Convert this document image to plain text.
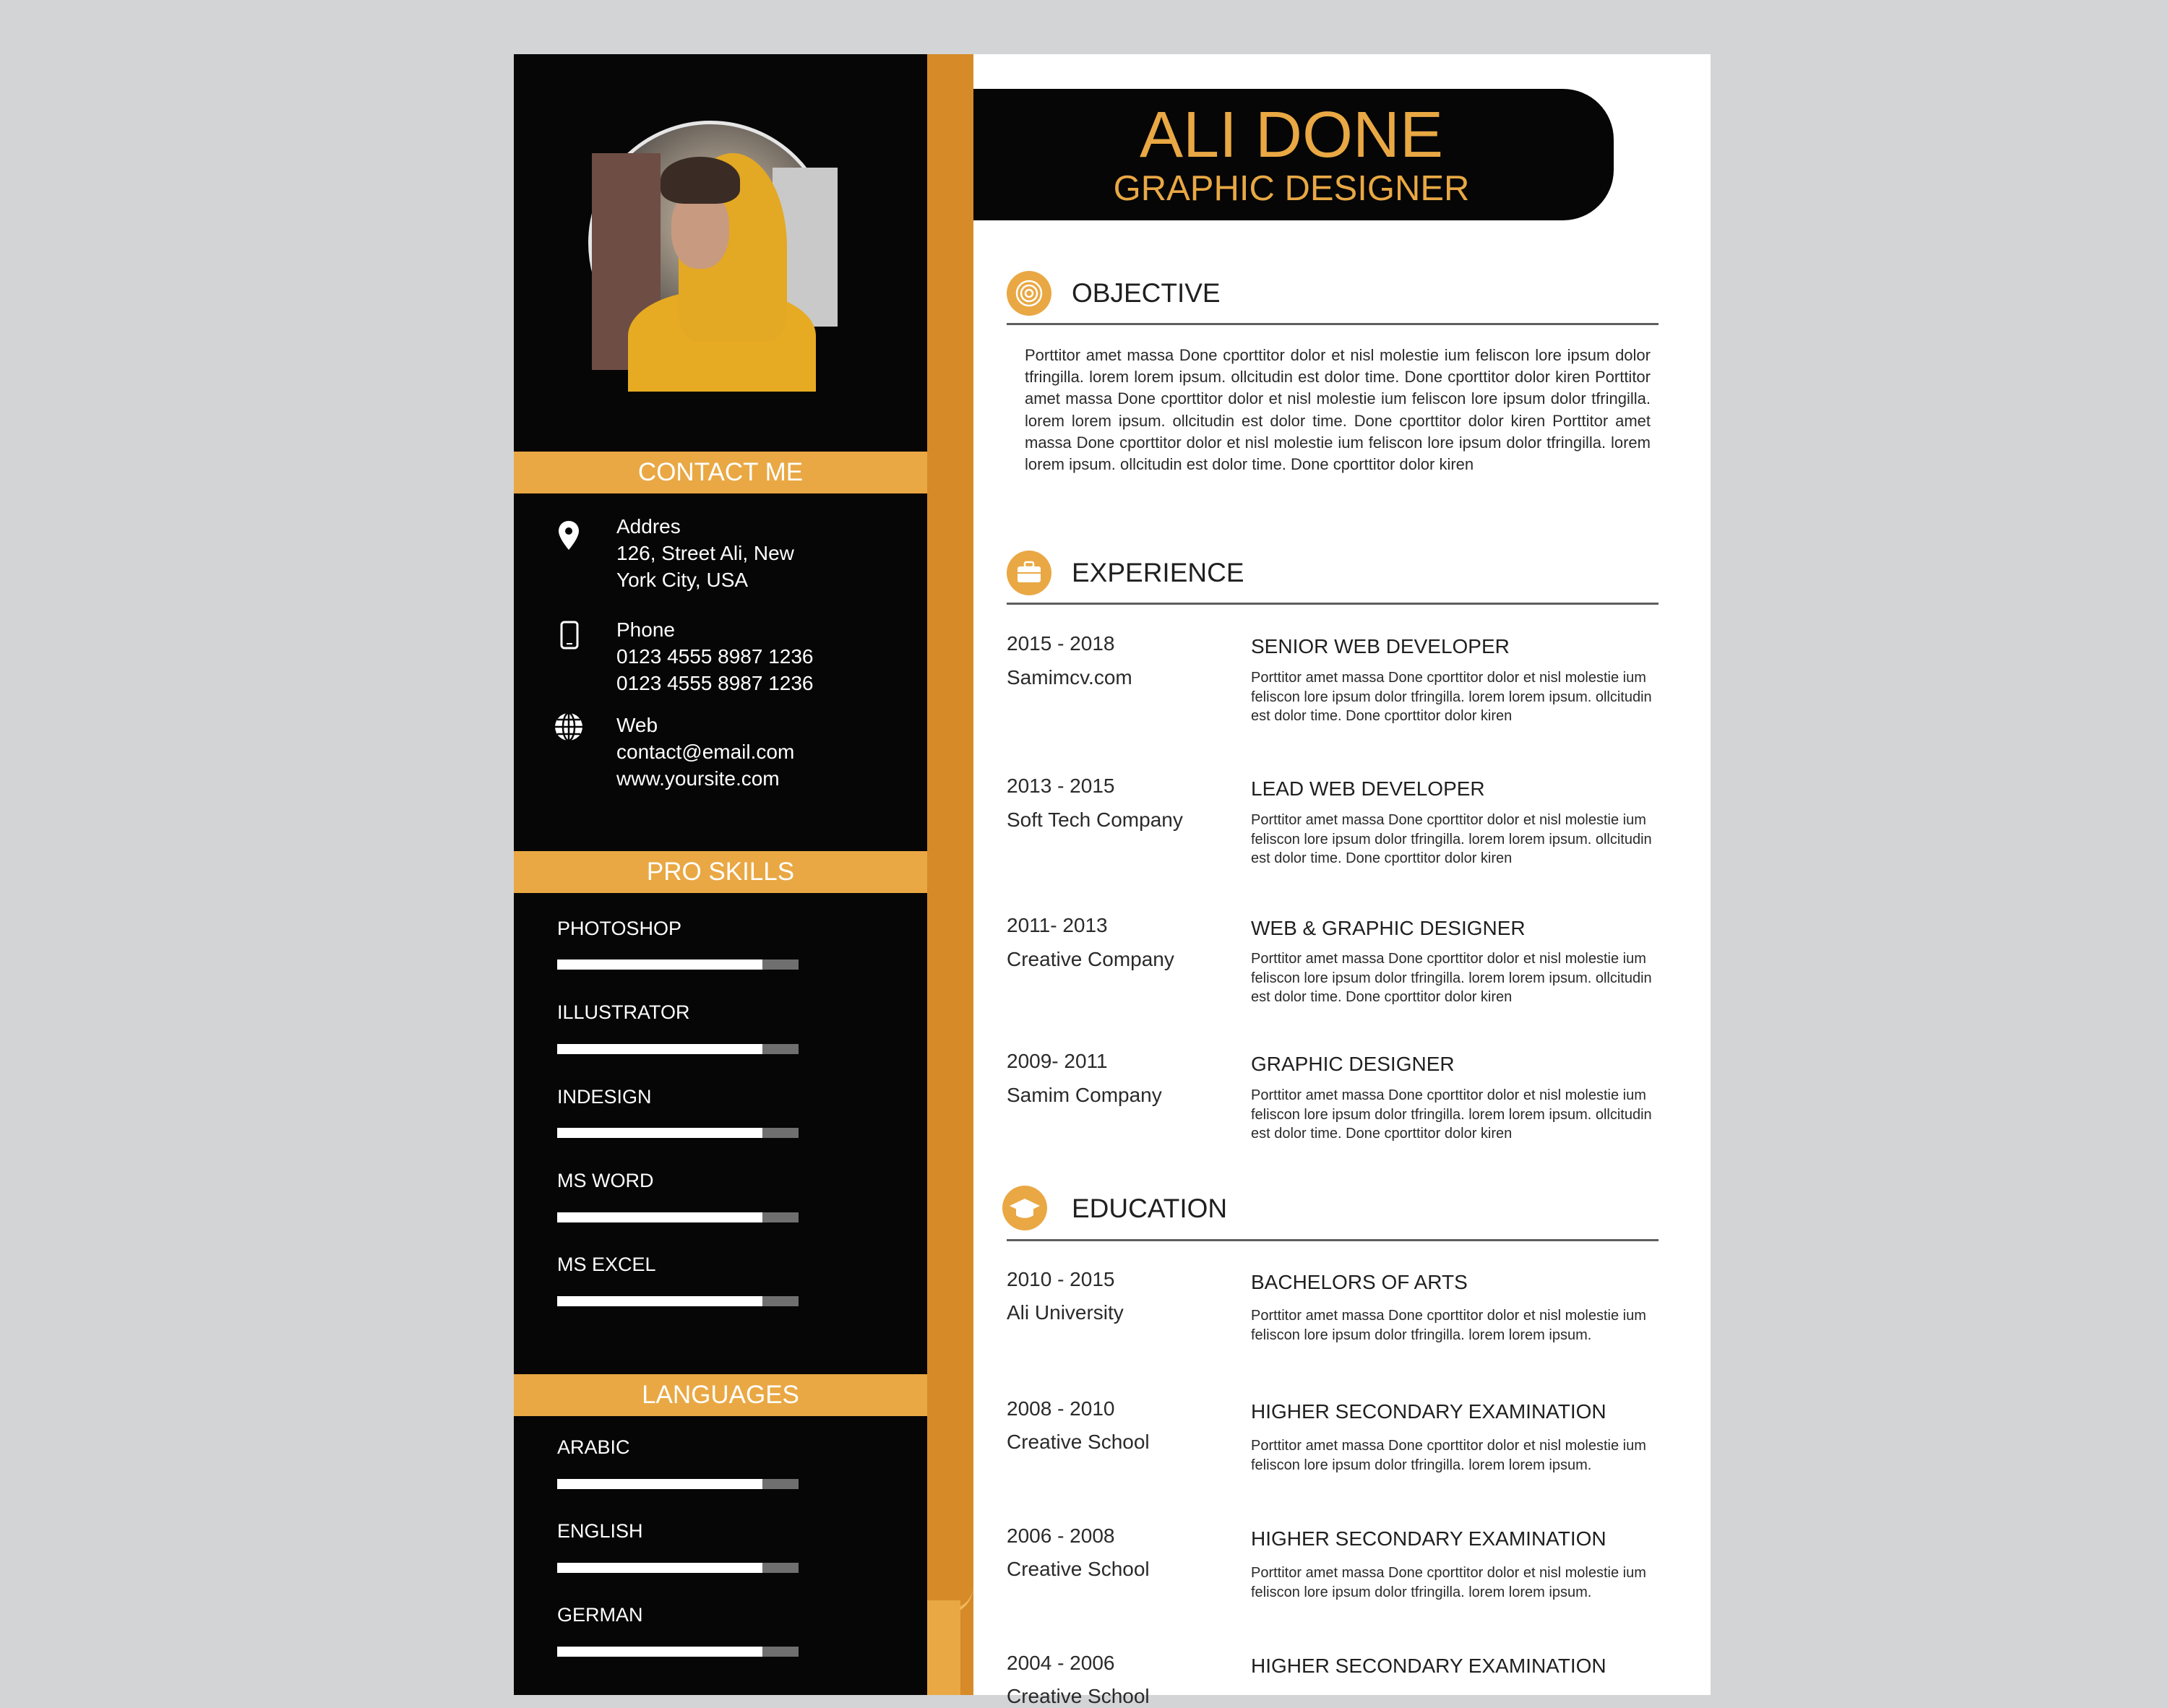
CONTACT ME
Addres
126, Street Ali, New
York City, USA
Phone
0123 4555 8987 1236
0123 4555 8987 1236
Web
contact@email.com
www.yoursite.com
PRO SKILLS
PHOTOSHOP
ILLUSTRATOR
INDESIGN
MS WORD
MS EXCEL
LANGUAGES
ARABIC
ENGLISH
GERMAN
ALI DONE
GRAPHIC DESIGNER
OBJECTIVE
Porttitor amet massa Done cporttitor dolor et nisl molestie ium feliscon lore ipsum dolor tfringilla. lorem lorem ipsum. ollcitudin est dolor time. Done cporttitor dolor kiren Porttitor amet massa Done cporttitor dolor et nisl molestie ium feliscon lore ipsum dolor tfringilla. lorem lorem ipsum. ollcitudin est dolor time. Done cporttitor dolor kiren Porttitor amet massa Done cporttitor dolor et nisl molestie ium feliscon lore ipsum dolor tfringilla. lorem lorem ipsum. ollcitudin est dolor time. Done cporttitor dolor kiren
EXPERIENCE
2015 - 2018
Samimcv.com
SENIOR WEB DEVELOPER
Porttitor amet massa Done cporttitor dolor et nisl molestie ium feliscon lore ipsum dolor tfringilla. lorem lorem ipsum. ollcitudin est dolor time. Done cporttitor dolor kiren
2013 - 2015
Soft Tech Company
LEAD WEB DEVELOPER
Porttitor amet massa Done cporttitor dolor et nisl molestie ium feliscon lore ipsum dolor tfringilla. lorem lorem ipsum. ollcitudin est dolor time. Done cporttitor dolor kiren
2011- 2013
Creative Company
WEB & GRAPHIC DESIGNER
Porttitor amet massa Done cporttitor dolor et nisl molestie ium feliscon lore ipsum dolor tfringilla. lorem lorem ipsum. ollcitudin est dolor time. Done cporttitor dolor kiren
2009- 2011
Samim Company
GRAPHIC DESIGNER
Porttitor amet massa Done cporttitor dolor et nisl molestie ium feliscon lore ipsum dolor tfringilla. lorem lorem ipsum. ollcitudin est dolor time. Done cporttitor dolor kiren
EDUCATION
2010 - 2015
Ali University
BACHELORS OF ARTS
Porttitor amet massa Done cporttitor dolor et nisl molestie ium feliscon lore ipsum dolor tfringilla. lorem lorem ipsum.
2008 - 2010
Creative School
HIGHER SECONDARY EXAMINATION
Porttitor amet massa Done cporttitor dolor et nisl molestie ium feliscon lore ipsum dolor tfringilla. lorem lorem ipsum.
2006 - 2008
Creative School
HIGHER SECONDARY EXAMINATION
Porttitor amet massa Done cporttitor dolor et nisl molestie ium feliscon lore ipsum dolor tfringilla. lorem lorem ipsum.
2004 - 2006
Creative School
HIGHER SECONDARY EXAMINATION
